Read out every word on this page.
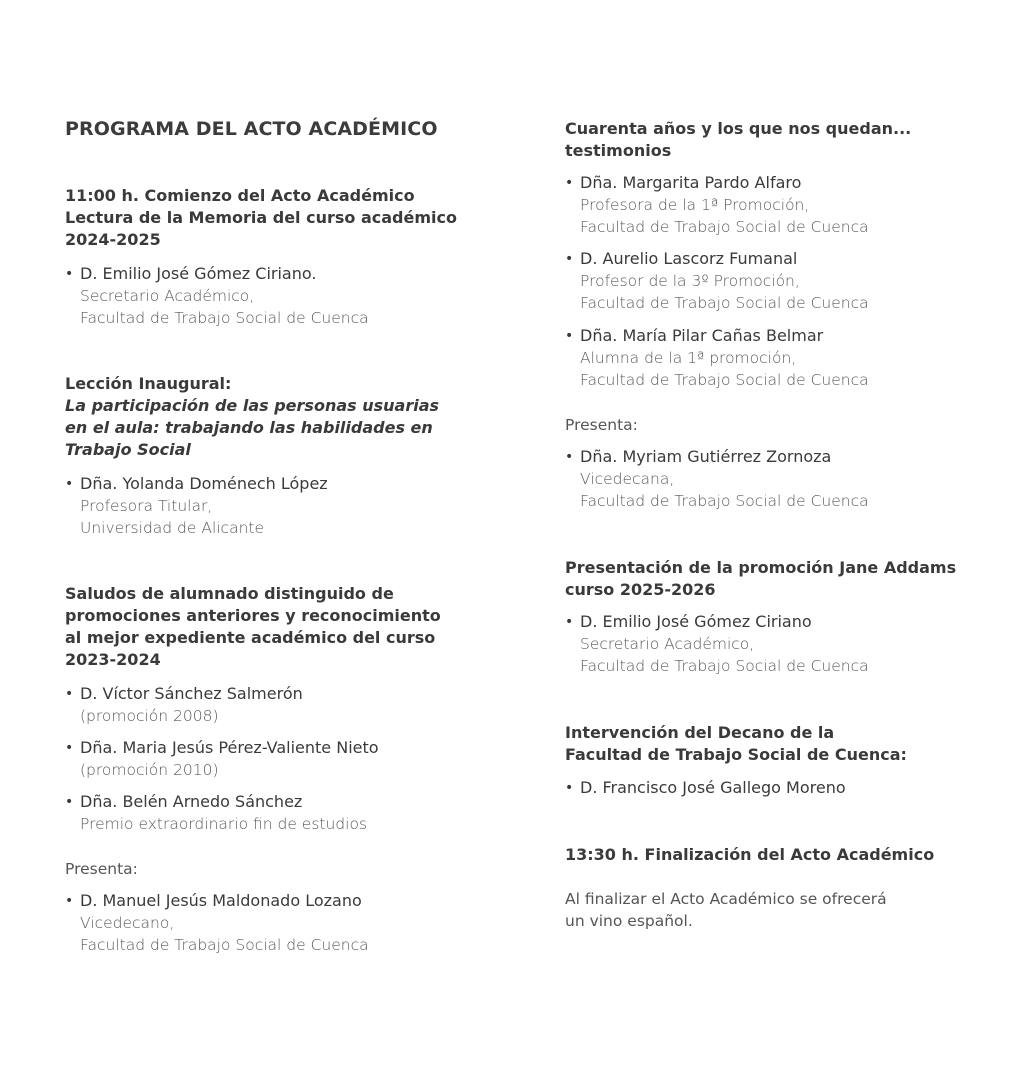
PROGRAMA DEL ACTO ACADÉMICO
11:00 h. Comienzo del Acto Académico
Lectura de la Memoria del curso académico
2024-2025
• D. Emilio José Gómez Ciriano.
Secretario Académico,
Facultad de Trabajo Social de Cuenca
Lección Inaugural:
La participación de las personas usuarias
en el aula: trabajando las habilidades en
Trabajo Social
• Dña. Yolanda Doménech López
Profesora Titular,
Universidad de Alicante
Saludos de alumnado distinguido de
promociones anteriores y reconocimiento
al mejor expediente académico del curso
2023-2024
• D. Víctor Sánchez Salmerón
(promoción 2008)
• Dña. Maria Jesús Pérez-Valiente Nieto
(promoción 2010)
• Dña. Belén Arnedo Sánchez
Premio extraordinario fin de estudios
Presenta:
• D. Manuel Jesús Maldonado Lozano
Vicedecano,
Facultad de Trabajo Social de Cuenca
Cuarenta años y los que nos quedan...
testimonios
• Dña. Margarita Pardo Alfaro
Profesora de la 1ª Promoción,
Facultad de Trabajo Social de Cuenca
• D. Aurelio Lascorz Fumanal
Profesor de la 3º Promoción,
Facultad de Trabajo Social de Cuenca
• Dña. María Pilar Cañas Belmar
Alumna de la 1ª promoción,
Facultad de Trabajo Social de Cuenca
Presenta:
• Dña. Myriam Gutiérrez Zornoza
Vicedecana,
Facultad de Trabajo Social de Cuenca
Presentación de la promoción Jane Addams
curso 2025-2026
• D. Emilio José Gómez Ciriano
Secretario Académico,
Facultad de Trabajo Social de Cuenca
Intervención del Decano de la
Facultad de Trabajo Social de Cuenca:
• D. Francisco José Gallego Moreno
13:30 h. Finalización del Acto Académico
Al finalizar el Acto Académico se ofrecerá
un vino español.
